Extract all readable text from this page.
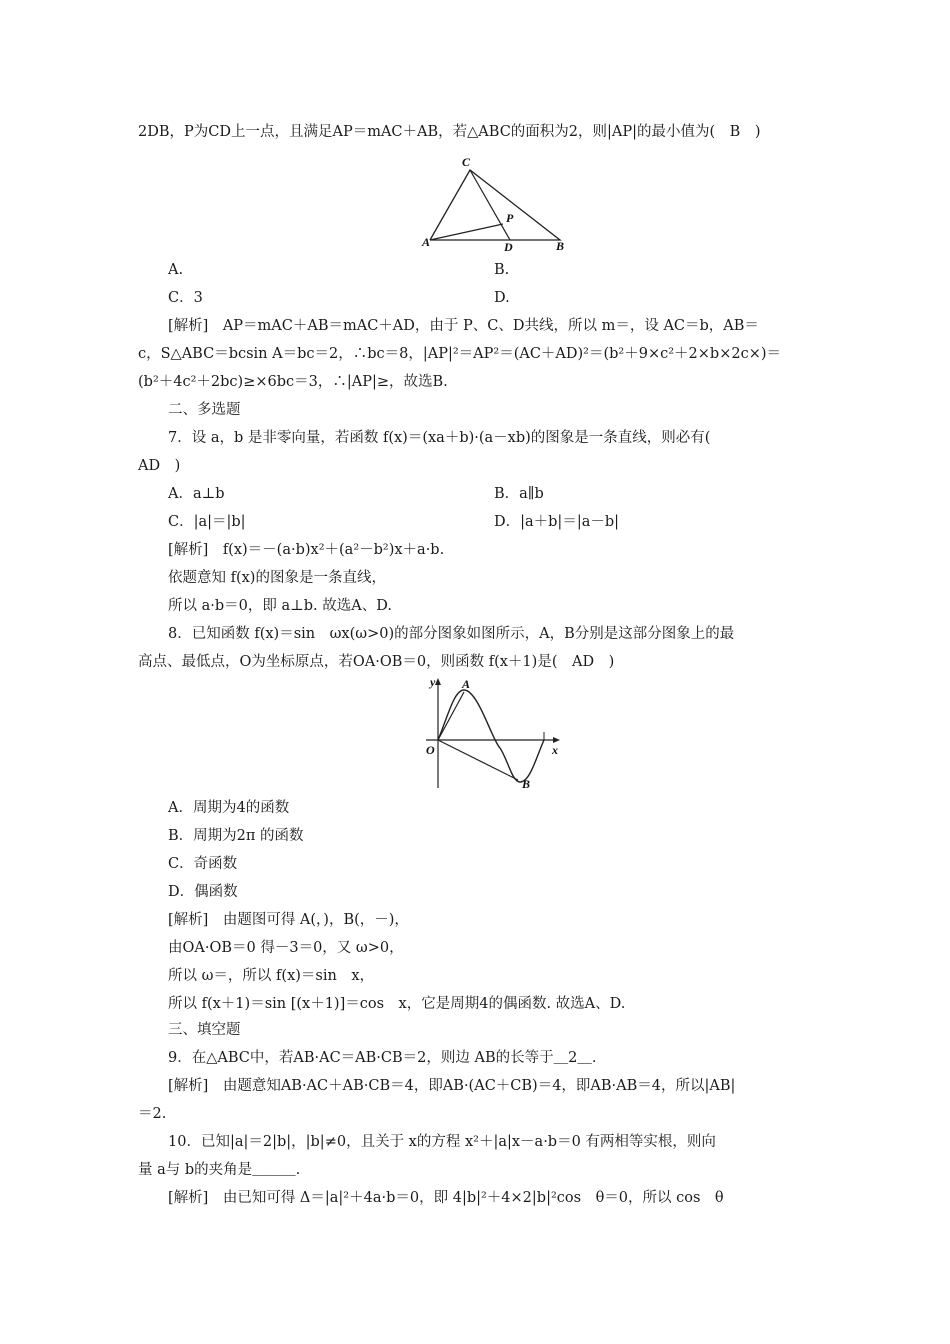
2DB，P为CD上一点，且满足AP＝mAC＋AB，若△ABC的面积为2，则|AP|的最小值为(　B　)
C
P
A	D	B
A.	B.
C．3	D.
[解析]　AP＝mAC＋AB＝mAC＋AD，由于 P、C、D共线，所以 m＝，设 AC＝b，AB＝
c，S△ABC＝bcsin A＝bc＝2，∴bc＝8，|AP|²＝AP²＝(AC＋AD)²＝(b²＋9×c²＋2×b×2c×)＝
(b²＋4c²＋2bc)≥×6bc＝3，∴|AP|≥，故选B.
二、多选题
7．设 a，b 是非零向量，若函数 f(x)＝(xa＋b)·(a－xb)的图象是一条直线，则必有(
AD　)
A．a⊥b	B．a∥b
C．|a|＝|b|	D．|a＋b|＝|a－b|
[解析]　f(x)＝－(a·b)x²＋(a²－b²)x＋a·b.
依题意知 f(x)的图象是一条直线，
所以 a·b＝0，即 a⊥b. 故选A、D.
8．已知函数 f(x)＝sin　ωx(ω>0)的部分图象如图所示，A，B分别是这部分图象上的最
高点、最低点，O为坐标原点，若OA·OB＝0，则函数 f(x＋1)是(　AD　)
y A
O	x
B
A．周期为4的函数
B．周期为2π 的函数
C．奇函数
D．偶函数
[解析]　由题图可得 A(，)，B(，－)，
由OA·OB＝0 得－3＝0，又 ω>0，
所以 ω＝，所以 f(x)＝sin　x，
所以 f(x＋1)＝sin [(x＋1)]＝cos　x，它是周期4的偶函数. 故选A、D.
三、填空题
9．在△ABC中，若AB·AC＝AB·CB＝2，则边 AB的长等于＿2＿.
[解析]　由题意知AB·AC＋AB·CB＝4，即AB·(AC＋CB)＝4，即AB·AB＝4，所以|AB|
＝2.
10．已知|a|＝2|b|，|b|≠0，且关于 x的方程 x²＋|a|x－a·b＝0 有两相等实根，则向
量 a与 b的夹角是＿＿＿.
[解析]　由已知可得 Δ＝|a|²＋4a·b＝0，即 4|b|²＋4×2|b|²cos　θ＝0，所以 cos　θ
